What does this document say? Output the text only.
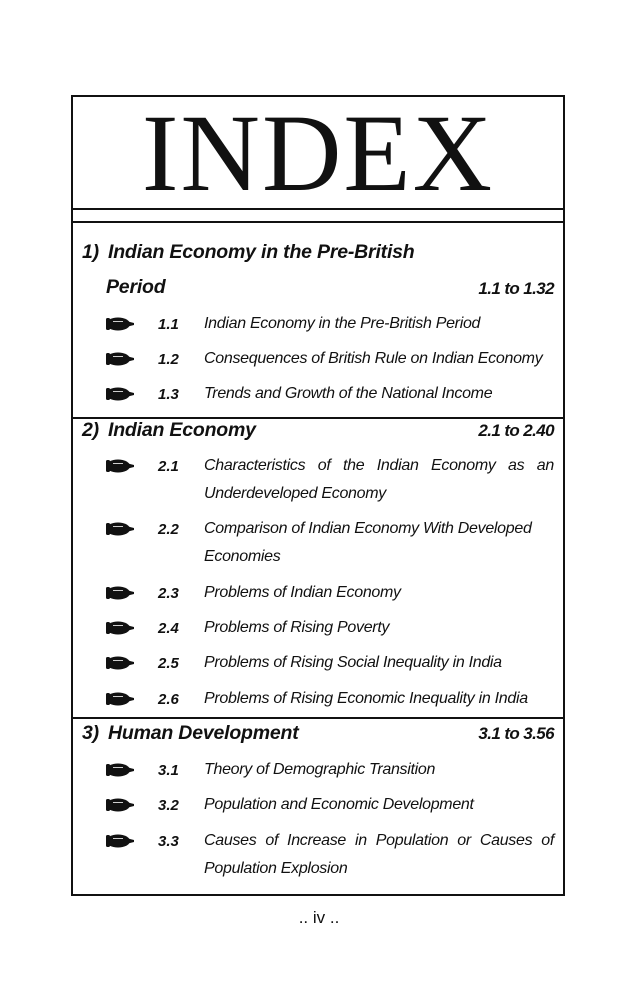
INDEX
1) Indian Economy in the Pre-British
Period	1.1 to 1.32
1.1 Indian Economy in the Pre-British Period
1.2 Consequences of British Rule on Indian Economy
1.3 Trends and Growth of the National Income
2) Indian Economy	2.1 to 2.40
2.1 Characteristics of the Indian Economy as an
Underdeveloped Economy
2.2 Comparison of Indian Economy With Developed
Economies
2.3 Problems of Indian Economy
2.4 Problems of Rising Poverty
2.5 Problems of Rising Social Inequality in India
2.6 Problems of Rising Economic Inequality in India
3) Human Development	3.1 to 3.56
3.1 Theory of Demographic Transition
3.2 Population and Economic Development
3.3 Causes of Increase in Population or Causes of
Population Explosion
.. iv ..
